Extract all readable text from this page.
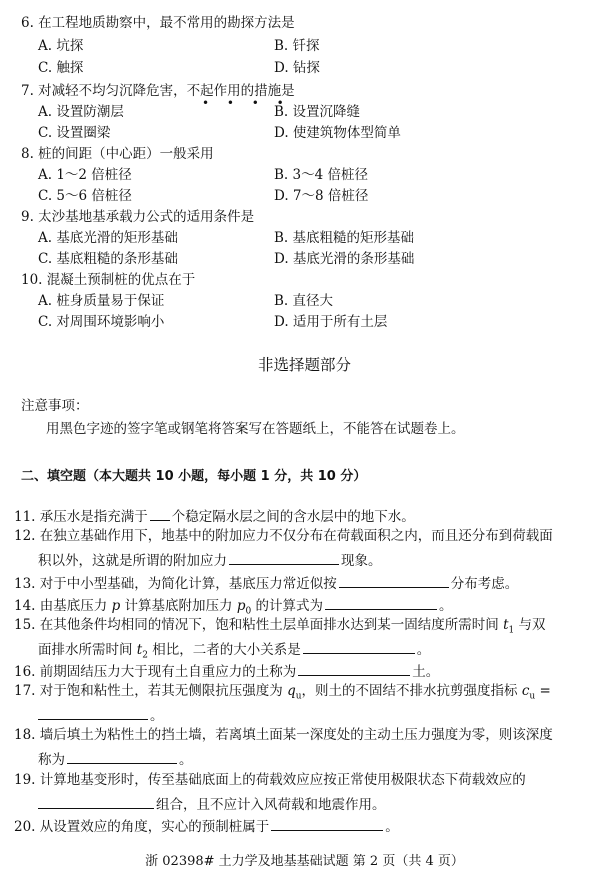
6. 在工程地质勘察中，最不常用的勘探方法是
A. 坑探	B. 钎探
C. 触探	D. 钻探
7. 对减轻不均匀沉降危害，不起作用的措施是
• • • •
A. 设置防潮层	B. 设置沉降缝
C. 设置圈梁	D. 使建筑物体型简单
8. 桩的间距（中心距）一般采用
A. 1～2 倍桩径	B. 3～4 倍桩径
C. 5～6 倍桩径	D. 7～8 倍桩径
9. 太沙基地基承载力公式的适用条件是
A. 基底光滑的矩形基础	B. 基底粗糙的矩形基础
C. 基底粗糙的条形基础	D. 基底光滑的条形基础
10. 混凝土预制桩的优点在于
A. 桩身质量易于保证	B. 直径大
C. 对周围环境影响小	D. 适用于所有土层
非选择题部分
注意事项：
用黑色字迹的签字笔或钢笔将答案写在答题纸上，不能答在试题卷上。
二、填空题（本大题共 10 小题，每小题 1 分，共 10 分）
11. 承压水是指充满于 个稳定隔水层之间的含水层中的地下水。
12. 在独立基础作用下，地基中的附加应力不仅分布在荷载面积之内，而且还分布到荷载面
积以外，这就是所谓的附加应力	现象。
13. 对于中小型基础，为简化计算，基底压力常近似按	分布考虑。
14. 由基底压力 p 计算基底附加压力 $p_0$ 的计算式为	。
15. 在其他条件均相同的情况下，饱和粘性土层单面排水达到某一固结度所需时间 $t_1$ 与双
面排水所需时间 $t_2$ 相比，二者的大小关系是	。
16. 前期固结压力大于现有土自重应力的土称为	土。
17. 对于饱和粘性土，若其无侧限抗压强度为 $q_u$，则土的不固结不排水抗剪强度指标 $c_u$ =
。
18. 墙后填土为粘性土的挡土墙，若离填土面某一深度处的主动土压力强度为零，则该深度
称为	。
19. 计算地基变形时，传至基础底面上的荷载效应应按正常使用极限状态下荷载效应的
组合，且不应计入风荷载和地震作用。
20. 从设置效应的角度，实心的预制桩属于	。
浙 02398# 土力学及地基基础试题 第 2 页（共 4 页）
